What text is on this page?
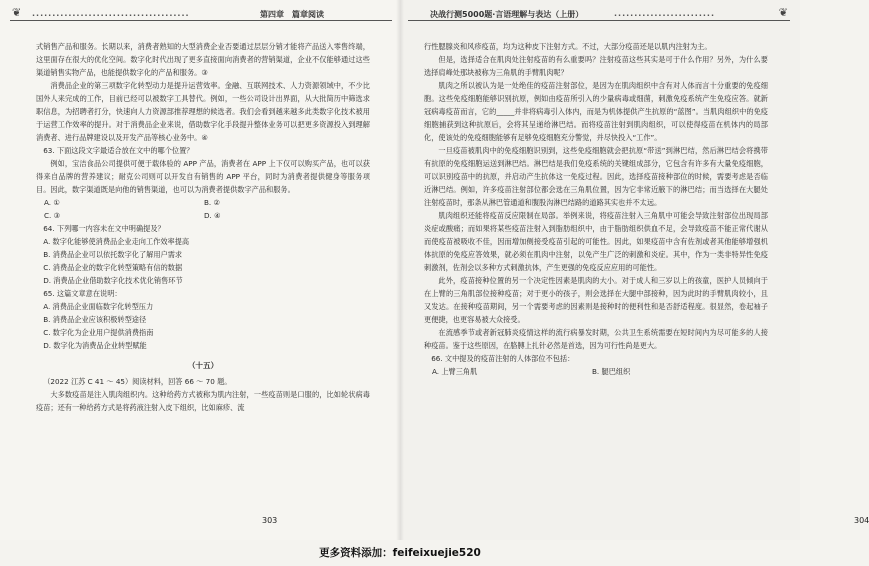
❦ ·······································	第四章　篇章阅读

式销售产品和服务。长期以来，消费者熟知的大型消费企业否要通过层层分销才能将产品送入零售终端，这里面存在很大的优化空间。数字化时代出现了更多直接面向消费者的营销渠道，企业不仅能够通过这些渠道销售实物产品，也能提供数字化的产品和服务。③

消费品企业的第三项数字化转型动力是提升运营效率。金融、互联网技术、人力资源领域中，不少比国外人来完成的工作，目前已经可以被数字工具替代。例如，一些公司设计出界面，从大批简历中筛选求职信息，为招聘者打分，快速向人力资源部推荐理想的候选者。我们会看到越来越多此类数字化技术被用于运营工作效率的提升。对于消费品企业来说，借助数字化手段提升整体业务可以把更多资源投入到理解消费者、进行品牌建设以及开发产品等核心业务中。④

63. 下面这段文字最适合放在文中的哪个位置？

例如，宝洁食品公司提供可便于载体验的 APP 产品，消费者在 APP 上下仅可以购买产品，也可以获得来自品牌的营养建议；耐克公司则可以开发自有销售的 APP 平台，同时为消费者提供健身等服务项目。因此，数字渠道既是向他的销售渠道，也可以为消费者提供数字产品和服务。

A. ①	B. ②
C. ③	D. ④

64. 下列哪一内容未在文中明确提及？

A. 数字化能够使消费品企业走向工作效率提高

B. 消费品企业可以依托数字化了解用户需求

C. 消费品企业的数字化转型策略有信的数据

D. 消费品企业借助数字化技术优化销售环节

65. 这篇文章意在说明：

A. 消费品企业面临数字化转型压力

B. 消费品企业应该积极转型途径

C. 数字化为企业用户提供消费指南

D. 数字化为消费品企业转型赋能

（十五）

（2022 江苏 C 41 ～ 45）阅读材料，回答 66 ～ 70 题。

大多数疫苗是注入肌肉组织内。这种给药方式被称为肌内注射，一些疫苗则是口服的，比如轮状病毒疫苗；还有一种给药方式是将药液注射入皮下组织，比如麻疹、流

303
决战行测5000题·言语理解与表达（上册）	·························	❦

行性腮腺炎和风疹疫苗，均为这种皮下注射方式。不过，大部分疫苗还是以肌内注射为主。

但是，选择适合在肌肉处注射疫苗的有么重要吗？注射疫苗这些其实是可于什么作用？另外，为什么要选择肩峰处那块被称为三角肌的手臂肌肉呢？

肌肉之所以被认为是一处绝佳的疫苗注射部位，是因为在肌肉组织中含有对人体而言十分重要的免疫细胞。这些免疫细胞能够识别抗原，例如由疫苗所引入的少量病毒或细菌，刺激免疫系统产生免疫应答。就新冠病毒疫苗而言，它的_____并非将病毒引入体内，而是为机体提供产生抗原的“蓝图”。当肌肉组织中的免疫细胞捕获到这种抗原后，会将其呈递给淋巴结。而将疫苗注射到肌肉组织，可以使得疫苗在机体内的局部化，使该处的免疫细胞能够有足够免疫细胞充分警觉，并尽快投入“工作”。

一旦疫苗被肌肉中的免疫细胞识别到，这些免疫细胞就会把抗原“带送”到淋巴结，然后淋巴结会将携带有抗原的免疫细胞运送到淋巴结。淋巴结是我们免疫系统的关键组成部分，它包含有许多有大量免疫细胞，可以识别疫苗中的抗原，并启动产生抗体这一免疫过程。因此，选择疫苗接种部位的时候，需要考虑是否临近淋巴结。例如，许多疫苗注射部位都会选在三角肌位置，因为它非常近腋下的淋巴结；而当选择在大腿处注射疫苗时，那条从淋巴管通道和腹股沟淋巴结路的道路其实也并不太远。

肌肉组织还能将疫苗反应限制在局部。举例来说，将疫苗注射入三角肌中可能会导致注射部位出现局部炎症或酸痛；而如果将某些疫苗注射入到脂肪组织中，由于脂肪组织供血不足，会导致疫苗不能正常代谢从而使疫苗被吸收不佳，因而增加侧接受疫苗引起的可能性。因此，如果疫苗中含有佐剂或者其他能够增强机体抗原的免疫应答效果，就必须在肌肉中注射，以免产生广泛的刺激和炎症。其中，作为一类非特异性免疫刺激剂，佐剂会以多种方式刺激抗体，产生更强的免疫反应应用的可能性。

此外，疫苗接种位置的另一个决定性因素是肌肉的大小。对于成人和三岁以上的孩童，医护人员倾向于在上臂的三角肌部位接种疫苗；对于更小的孩子，则会选择在大腿中部接种，因为此时的手臂肌肉较小，且又发达。在接种疫苗期间，另一个需要考虑的因素则是接种时的便利性和是否舒适程度。很显然，卷起袖子更便捷，也更容易被大众接受。

在流感季节或者新冠肺炎疫情这样的流行病暴发时期，公共卫生系统需要在短时间内为尽可能多的人接种疫苗。鉴于这些原因，在胳膊上扎针必然是首选，因为可行性尚是更大。

66. 文中提及的疫苗注射的人体部位不包括：

A. 上臂三角肌	B. 腿巴组织
304
更多资料添加：feifeixuejie520
